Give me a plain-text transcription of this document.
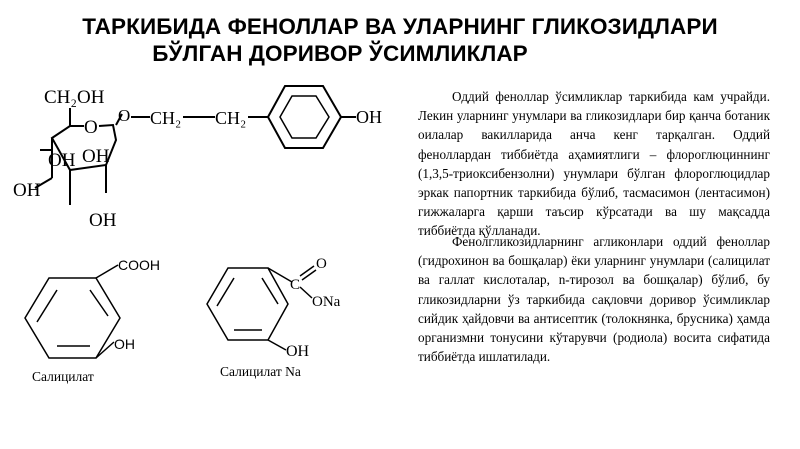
ТАРКИБИДА ФЕНОЛЛАР ВА УЛАРНИНГ ГЛИКОЗИДЛАРИ
БЎЛГАН ДОРИВОР ЎСИМЛИКЛАР
CH₂OH
O
O CH₂ CH₂	OH
OH OH
OH
OH
COOH
OH
C
O
ONa
OH

Оддий феноллар ўсимликлар таркибида кам учрайди. Лекин уларнинг унумлари ва гликозидлари бир қанча ботаник оилалар вакилларида анча кенг тарқалган. Оддий феноллардан тиббиётда аҳамиятлиги – флороглюциннинг (1,3,5-триоксибензолни) унумлари бўлган флороглюцидлар эркак папортник таркибида бўлиб, тасмасимон (лентасимон) гижжаларга қарши таъсир кўрсатади ва шу мақсадда тиббиётда қўлланади.

Фенолгликозидларнинг агликонлари оддий феноллар (гидрохинон ва бошқалар) ёки уларнинг унумлари (салицилат ва галлат кислоталар, n-тирозол ва бошқалар) бўлиб, бу гликозидларни ўз таркибида сақловчи доривор ўсимликлар сийдик ҳайдовчи ва антисептик (толокнянка, брусника) ҳамда организмни тонусини кўтарувчи (родиола) восита сифатида тиббиётда ишлатилади.

Салицилат	Салицилат Na
